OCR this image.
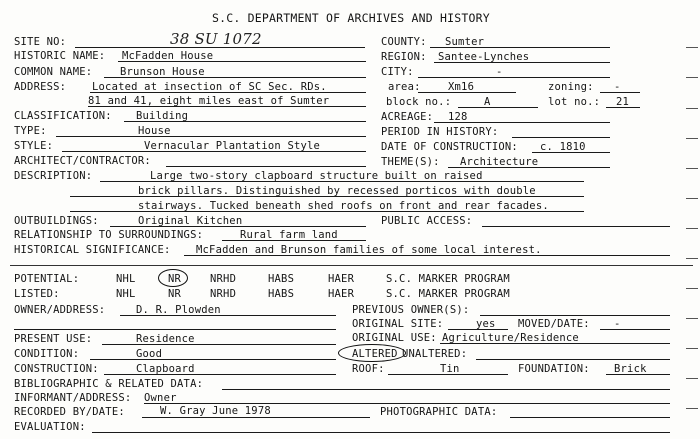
S.C. DEPARTMENT OF ARCHIVES AND HISTORY
SITE NO:	38 SU 1072
HISTORIC NAME: McFadden House
COMMON NAME:	Brunson House
ADDRESS: Located at insection of SC Sec. RDs.
81 and 41, eight miles east of Sumter
CLASSIFICATION: Building
TYPE:	House
STYLE:	Vernacular Plantation Style
ARCHITECT/CONTRACTOR:
DESCRIPTION:	Large two-story clapboard structure built on raised
brick pillars. Distinguished by recessed porticos with double
stairways. Tucked beneath shed roofs on front and rear facades.
OUTBUILDINGS:	Original Kitchen
RELATIONSHIP TO SURROUNDINGS:	Rural farm land
HISTORICAL SIGNIFICANCE: McFadden and Brunson families of some local interest.
COUNTY: Sumter
REGION: Santee-Lynches
CITY:	-
area:	Xm16	zoning: -
block no.:	A	lot no.: 21
ACREAGE: 128
PERIOD IN HISTORY:
DATE OF CONSTRUCTION: c. 1810
THEME(S): Architecture
PUBLIC ACCESS:
POTENTIAL:	NHL	NR	NRHD	HABS	HAER	S.C. MARKER PROGRAM
LISTED:	NHL	NR	NRHD	HABS	HAER	S.C. MARKER PROGRAM
OWNER/ADDRESS:	D. R. Plowden	PREVIOUS OWNER(S):
ORIGINAL SITE:	yes MOVED/DATE: -
ORIGINAL USE: Agriculture/Residence
PRESENT USE:	Residence
CONDITION:	Good	ALTERED UNALTERED:
CONSTRUCTION:	Clapboard	ROOF:	Tin	FOUNDATION: Brick
BIBLIOGRAPHIC & RELATED DATA:
INFORMANT/ADDRESS: Owner
RECORDED BY/DATE:	W. Gray June 1978	PHOTOGRAPHIC DATA:
EVALUATION:
